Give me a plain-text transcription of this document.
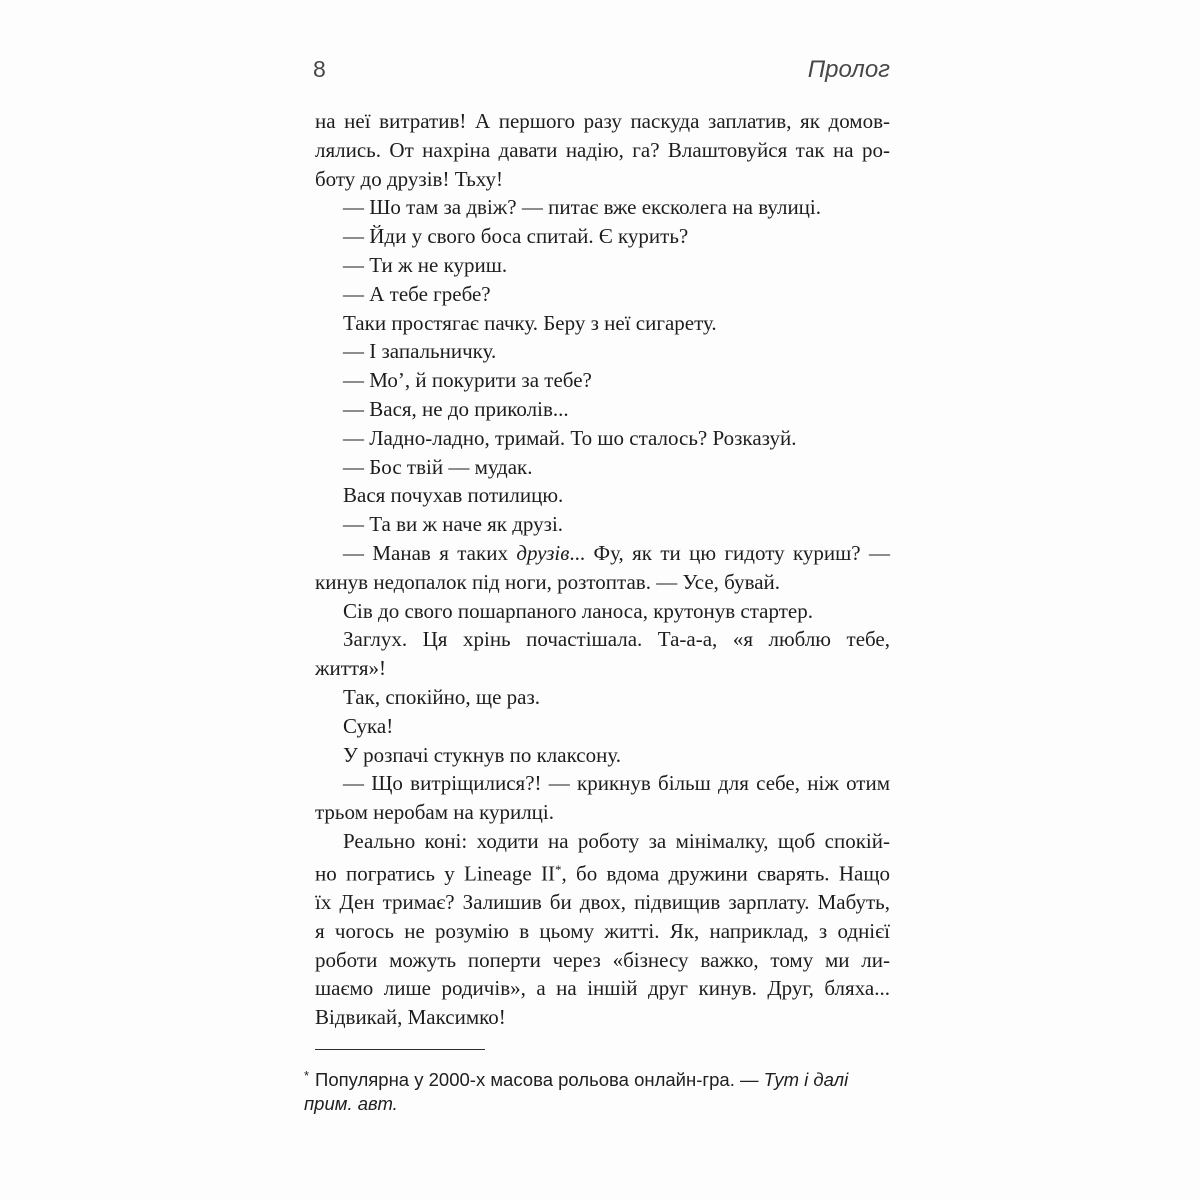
8	Пролог
на неї витратив! А першого разу паскуда заплатив, як домов-
лялись. От нахріна давати надію, га? Влаштовуйся так на ро-
боту до друзів! Тьху!
— Шо там за двіж? — питає вже ексколега на вулиці.
— Йди у свого боса спитай. Є курить?
— Ти ж не куриш.
— А тебе гребе?
Таки простягає пачку. Беру з неї сигарету.
— І запальничку.
— Мо’, й покурити за тебе?
— Вася, не до приколів...
— Ладно-ладно, тримай. То шо сталось? Розказуй.
— Бос твій — мудак.
Вася почухав потилицю.
— Та ви ж наче як друзі.
— Манав я таких друзів... Фу, як ти цю гидоту куриш? —
кинув недопалок під ноги, розтоптав. — Усе, бувай.
Сів до свого пошарпаного ланоса, крутонув стартер.
Заглух. Ця хрінь почастішала. Та-а-а, «я люблю тебе,
життя»!
Так, спокійно, ще раз.
Сука!
У розпачі стукнув по клаксону.
— Що витріщилися?! — крикнув більш для себе, ніж отим
трьом неробам на курилці.
Реально коні: ходити на роботу за мінімалку, щоб спокій-
но погратись у Lineage II*, бо вдома дружини сварять. Нащо
їх Ден тримає? Залишив би двох, підвищив зарплату. Мабуть,
я чогось не розумію в цьому житті. Як, наприклад, з однієї
роботи можуть поперти через «бізнесу важко, тому ми ли-
шаємо лише родичів», а на іншій друг кинув. Друг, бляха...
Відвикай, Максимко!
* Популярна у 2000-х масова рольова онлайн-гра. — Тут і далі прим. авт.
